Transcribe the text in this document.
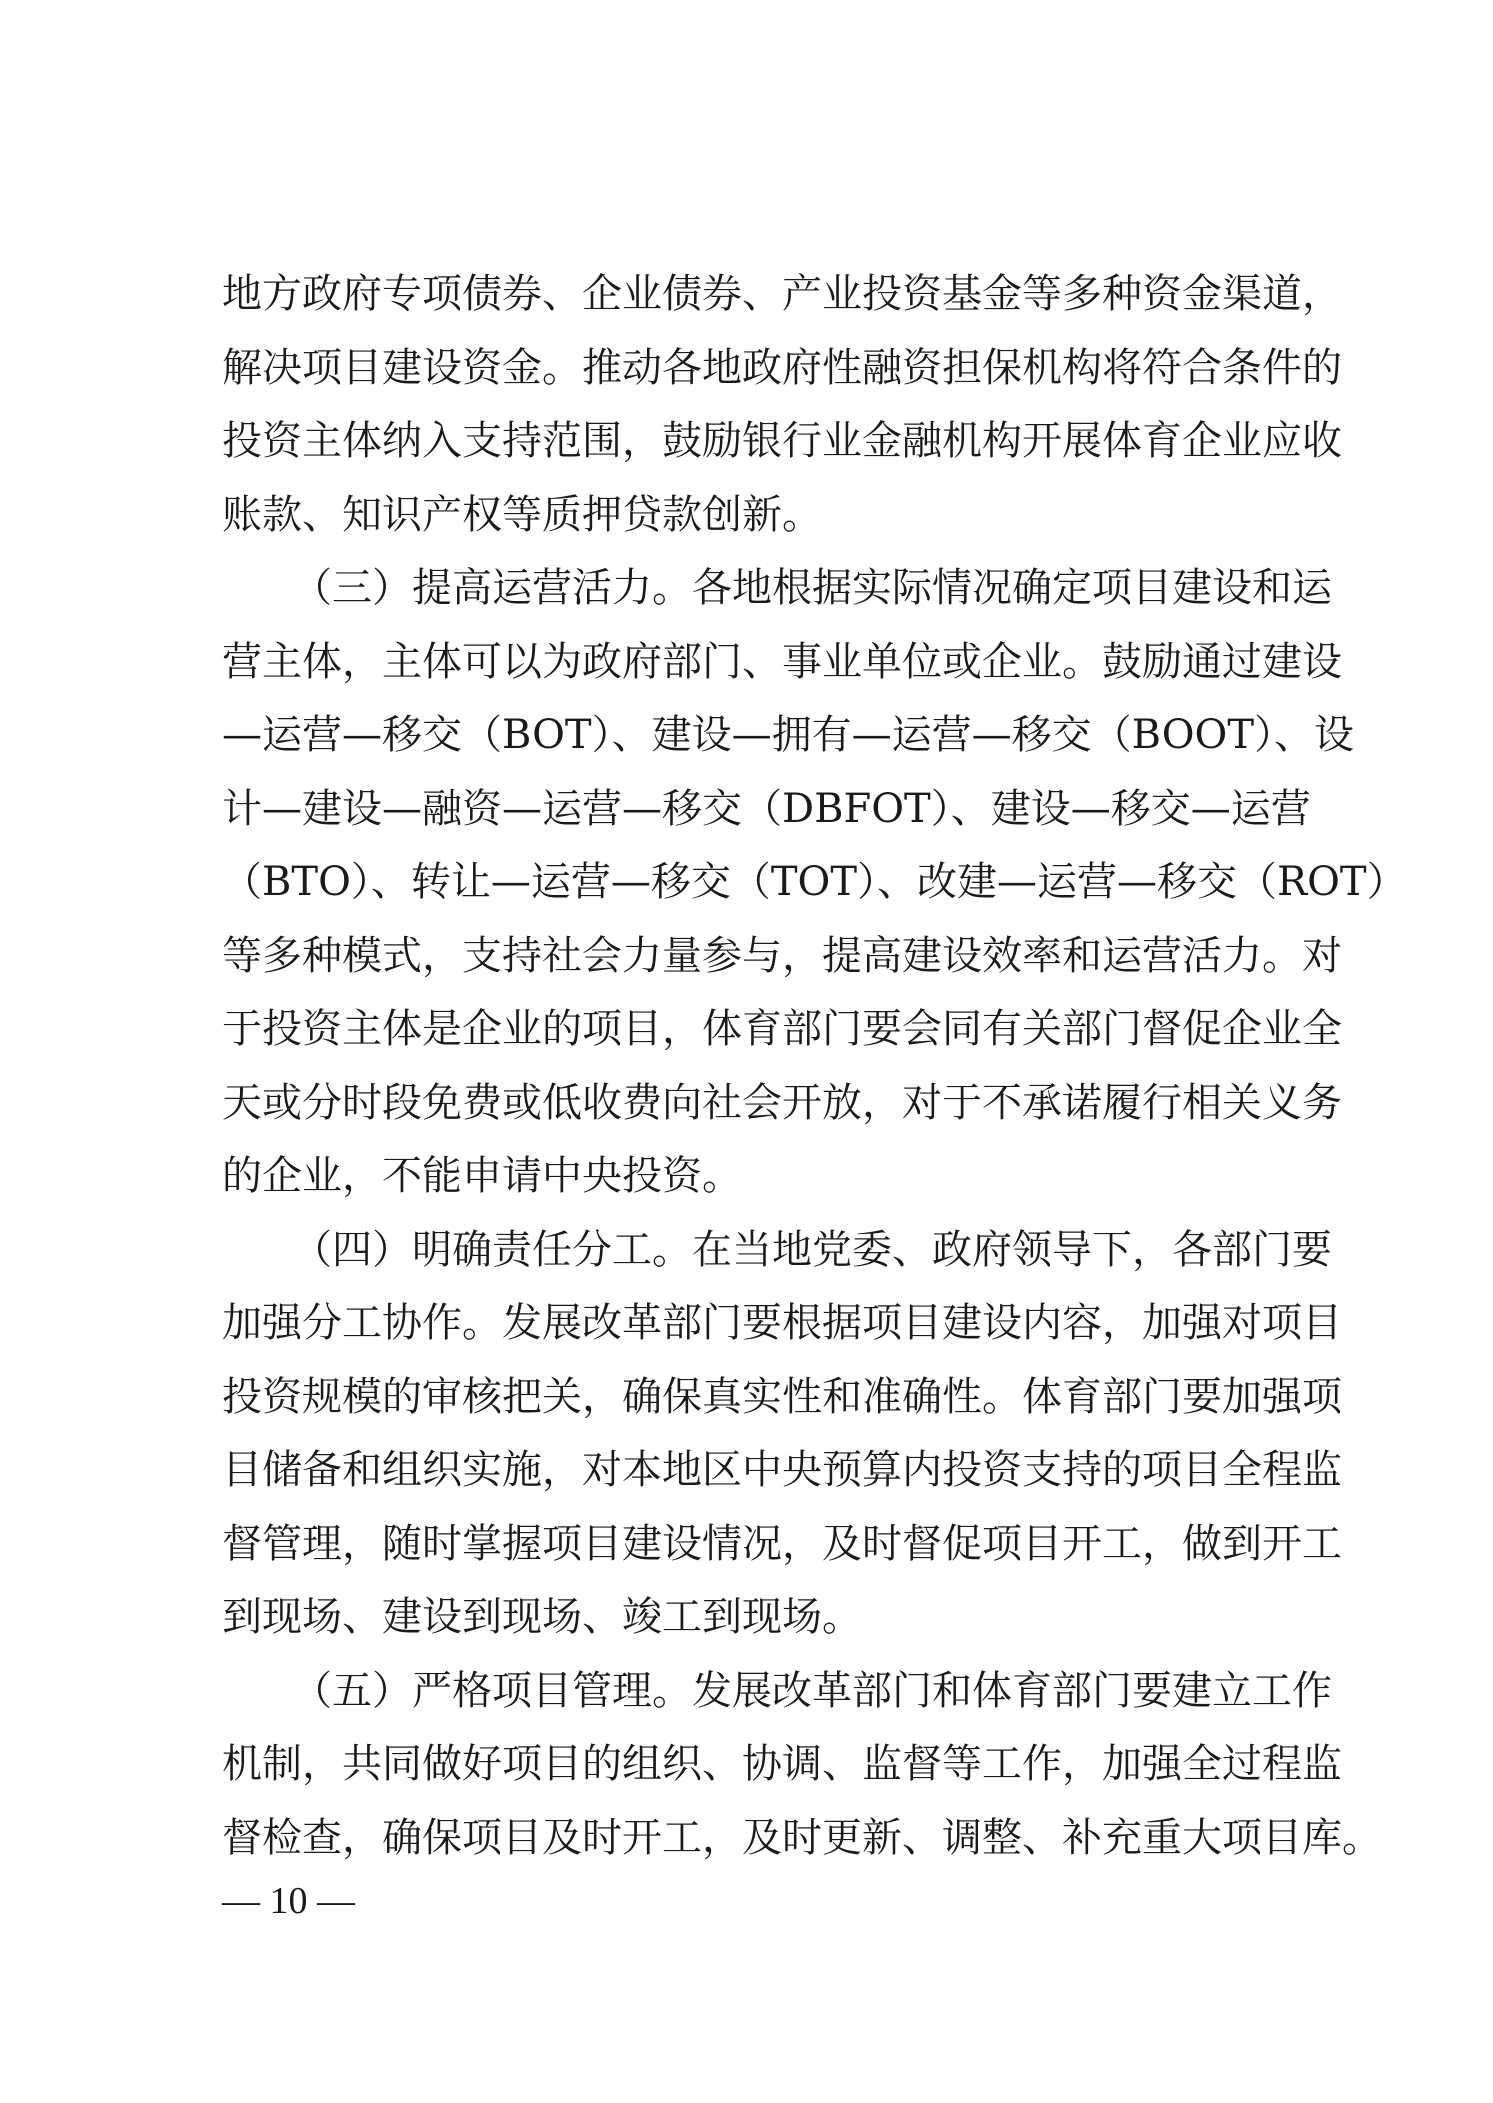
地方政府专项债券、企业债券、产业投资基金等多种资金渠道，
解决项目建设资金。推动各地政府性融资担保机构将符合条件的
投资主体纳入支持范围，鼓励银行业金融机构开展体育企业应收
账款、知识产权等质押贷款创新。
（三）提高运营活力。各地根据实际情况确定项目建设和运
营主体，主体可以为政府部门、事业单位或企业。鼓励通过建设
—运营—移交（BOT）、建设—拥有—运营—移交（BOOT）、设
计—建设—融资—运营—移交（DBFOT）、建设—移交—运营
（BTO）、转让—运营—移交（TOT）、改建—运营—移交（ROT）
等多种模式，支持社会力量参与，提高建设效率和运营活力。对
于投资主体是企业的项目，体育部门要会同有关部门督促企业全
天或分时段免费或低收费向社会开放，对于不承诺履行相关义务
的企业，不能申请中央投资。
（四）明确责任分工。在当地党委、政府领导下，各部门要
加强分工协作。发展改革部门要根据项目建设内容，加强对项目
投资规模的审核把关，确保真实性和准确性。体育部门要加强项
目储备和组织实施，对本地区中央预算内投资支持的项目全程监
督管理，随时掌握项目建设情况，及时督促项目开工，做到开工
到现场、建设到现场、竣工到现场。
（五）严格项目管理。发展改革部门和体育部门要建立工作
机制，共同做好项目的组织、协调、监督等工作，加强全过程监
督检查，确保项目及时开工，及时更新、调整、补充重大项目库。
— 10 —
